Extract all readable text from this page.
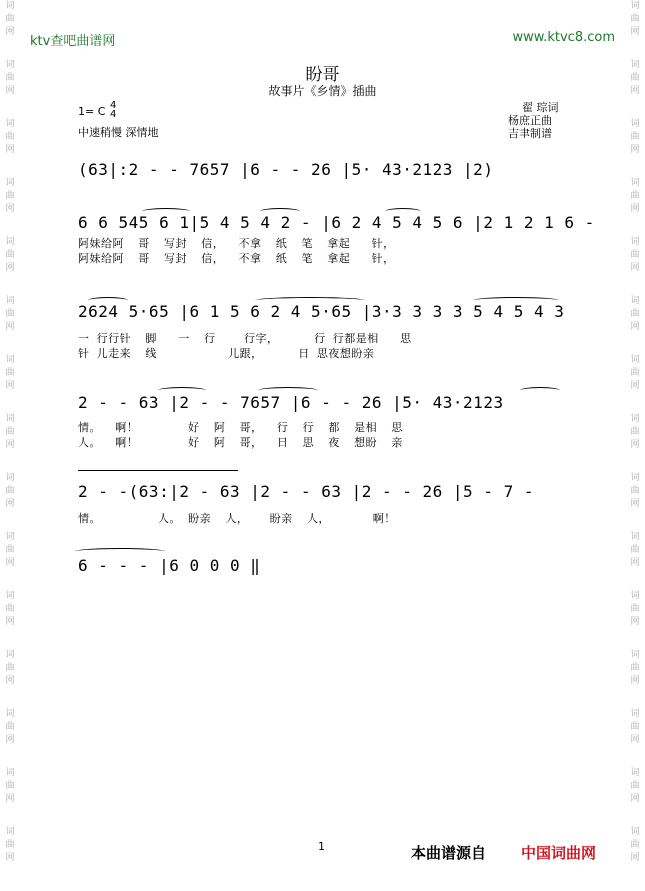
词
曲
网
词
曲
网
词
曲
网
词
曲
网
词
曲
网
词
曲
网
词
曲
网
词
曲
网
词
曲
网
词
曲
网
词
曲
网
词
曲
网
词
曲
网
词
曲
网
词
曲
网
词
曲
网
词
曲
网
词
曲
网
词
曲
网
词
曲
网
词
曲
网
词
曲
网
词
曲
网
词
曲
网
词
曲
网
词
曲
网
词
曲
网
词
曲
网
词
曲
网
词
曲
网
ktv查吧曲谱网	www.ktvc8.com
盼哥
故事片《乡情》插曲
1= C 4
4
中速稍慢 深情地
翟 琮词
杨庶正曲
吉聿制谱
(63|:2 - - 7657 |6 - - 26 |5· 43·2123 |2)
6 6 545 6 1|5 4 5 4 2 - |6 2 4 5 4 5 6 |2 1 2 1 6 -
阿妹给阿  哥  写封  信，  不拿  纸  笔  拿起   针，
阿妹给阿  哥  写封  信，  不拿  纸  笔  拿起   针，
2624 5·65 |6 1 5 6 2 4 5·65 |3·3 3 3 3 5 4 5 4 3
一 行行针  脚   一  行    行字，     行 行都是相   思
针 儿走来  线          儿跟，     日 思夜想盼亲
2 - - 63 |2 - - 7657 |6 - - 26 |5· 43·2123
情。  啊！       好  阿  哥，  行  行  都  是相  思
人。  啊！       好  阿  哥，  日  思  夜  想盼  亲
2 - -(63:|2 - 63 |2 - - 63 |2 - - 26 |5 - 7 -
情。        人。 盼亲  人，   盼亲  人，      啊！
6 - - - |6 0 0 0 ‖
1	本曲谱源自 中国词曲网
